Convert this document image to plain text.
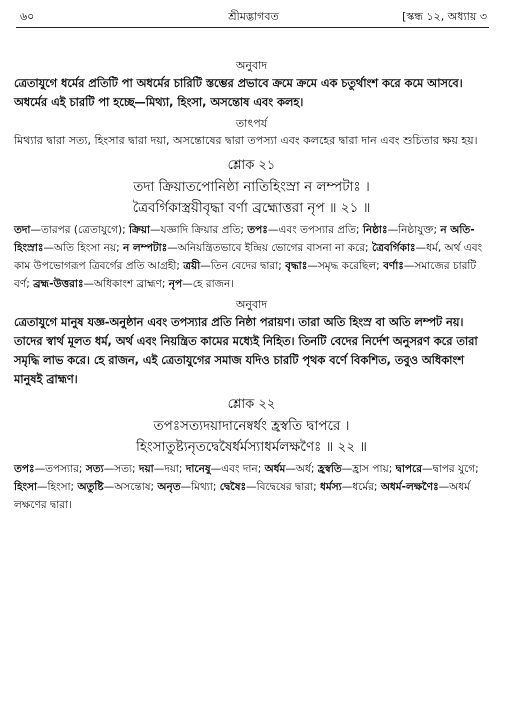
৬০	শ্রীমদ্ভাগবত	[স্কন্ধ ১২, অধ্যায় ৩

অনুবাদ

ত্রেতাযুগে ধর্মের প্রতিটি পা অধর্মের চারিটি স্তম্ভের প্রভাবে ক্রমে ক্রমে এক চতুর্থাংশ করে কমে আসবে। অধর্মের এই চারটি পা হচ্ছে—মিথ্যা, হিংসা, অসন্তোষ এবং কলহ।

তাৎপর্য

মিথ্যার দ্বারা সত্য, হিংসার দ্বারা দয়া, অসন্তোষের দ্বারা তপস্যা এবং কলহের দ্বারা দান এবং শুচিতার ক্ষয় হয়।

শ্লোক ২১

তদা ক্রিয়াতপোনিষ্ঠা নাতিহিংস্রা ন লম্পটাঃ ।

ত্রৈবর্গিকাস্ত্রয়ীবৃদ্ধা বর্ণা ব্রহ্মোত্তরা নৃপ ॥ ২১ ॥

তদা—তারপর (ত্রেতাযুগে); ক্রিয়া—যজ্ঞাদি ক্রিয়ার প্রতি; তপঃ—এবং তপস্যার প্রতি; নিষ্ঠাঃ—নিষ্ঠাযুক্ত; ন অতি-হিংস্রাঃ—অতি হিংসা নয়; ন লম্পটাঃ—অনিয়ন্ত্রিতভাবে ইন্দ্রিয় ভোগের বাসনা না করে; ত্রৈবর্গিকাঃ—ধর্ম, অর্থ এবং কাম উপভোগরূপ ত্রিবর্গের প্রতি আগ্রহী; ত্রয়ী—তিন বেদের দ্বারা; বৃদ্ধাঃ—সমৃদ্ধ করেছিল; বর্ণাঃ—সমাজের চারটি বর্ণ; ব্রহ্ম-উত্তরাঃ—অধিকাংশ ব্রাহ্মণ; নৃপ—হে রাজন।

অনুবাদ

ত্রেতাযুগে মানুষ যজ্ঞ-অনুষ্ঠান এবং তপস্যার প্রতি নিষ্ঠা পরায়ণ। তারা অতি হিংস্র বা অতি লম্পট নয়। তাদের স্বার্থ মূলত ধর্ম, অর্থ এবং নিয়ন্ত্রিত কামের মধ্যেই নিহিত। তিনটি বেদের নির্দেশ অনুসরণ করে তারা সমৃদ্ধি লাভ করে। হে রাজন, এই ত্রেতাযুগের সমাজ যদিও চারটি পৃথক বর্ণে বিকশিত, তবুও অধিকাংশ মানুষই ব্রাহ্মণ।

শ্লোক ২২

তপঃসত্যদয়াদানেষ্বর্ধং হ্রস্বতি দ্বাপরে ।

হিংসাতুষ্ট্যনৃতদ্বেষৈর্ধর্মস্যাধর্মলক্ষণৈঃ ॥ ২২ ॥

তপঃ—তপস্যার; সত্য—সত্য; দয়া—দয়া; দানেষু—এবং দান; অর্ধম—অর্ধ; হ্রস্বতি—হ্রাস পায়; দ্বাপরে—দ্বাপর যুগে; হিংসা—হিংসা; অতুষ্টি—অসন্তোষ; অনৃত—মিথ্যা; দ্বেষৈঃ—বিদ্বেষের দ্বারা; ধর্মস্য—ধর্মের; অধর্ম-লক্ষণৈঃ—অধর্ম লক্ষণের দ্বারা।
